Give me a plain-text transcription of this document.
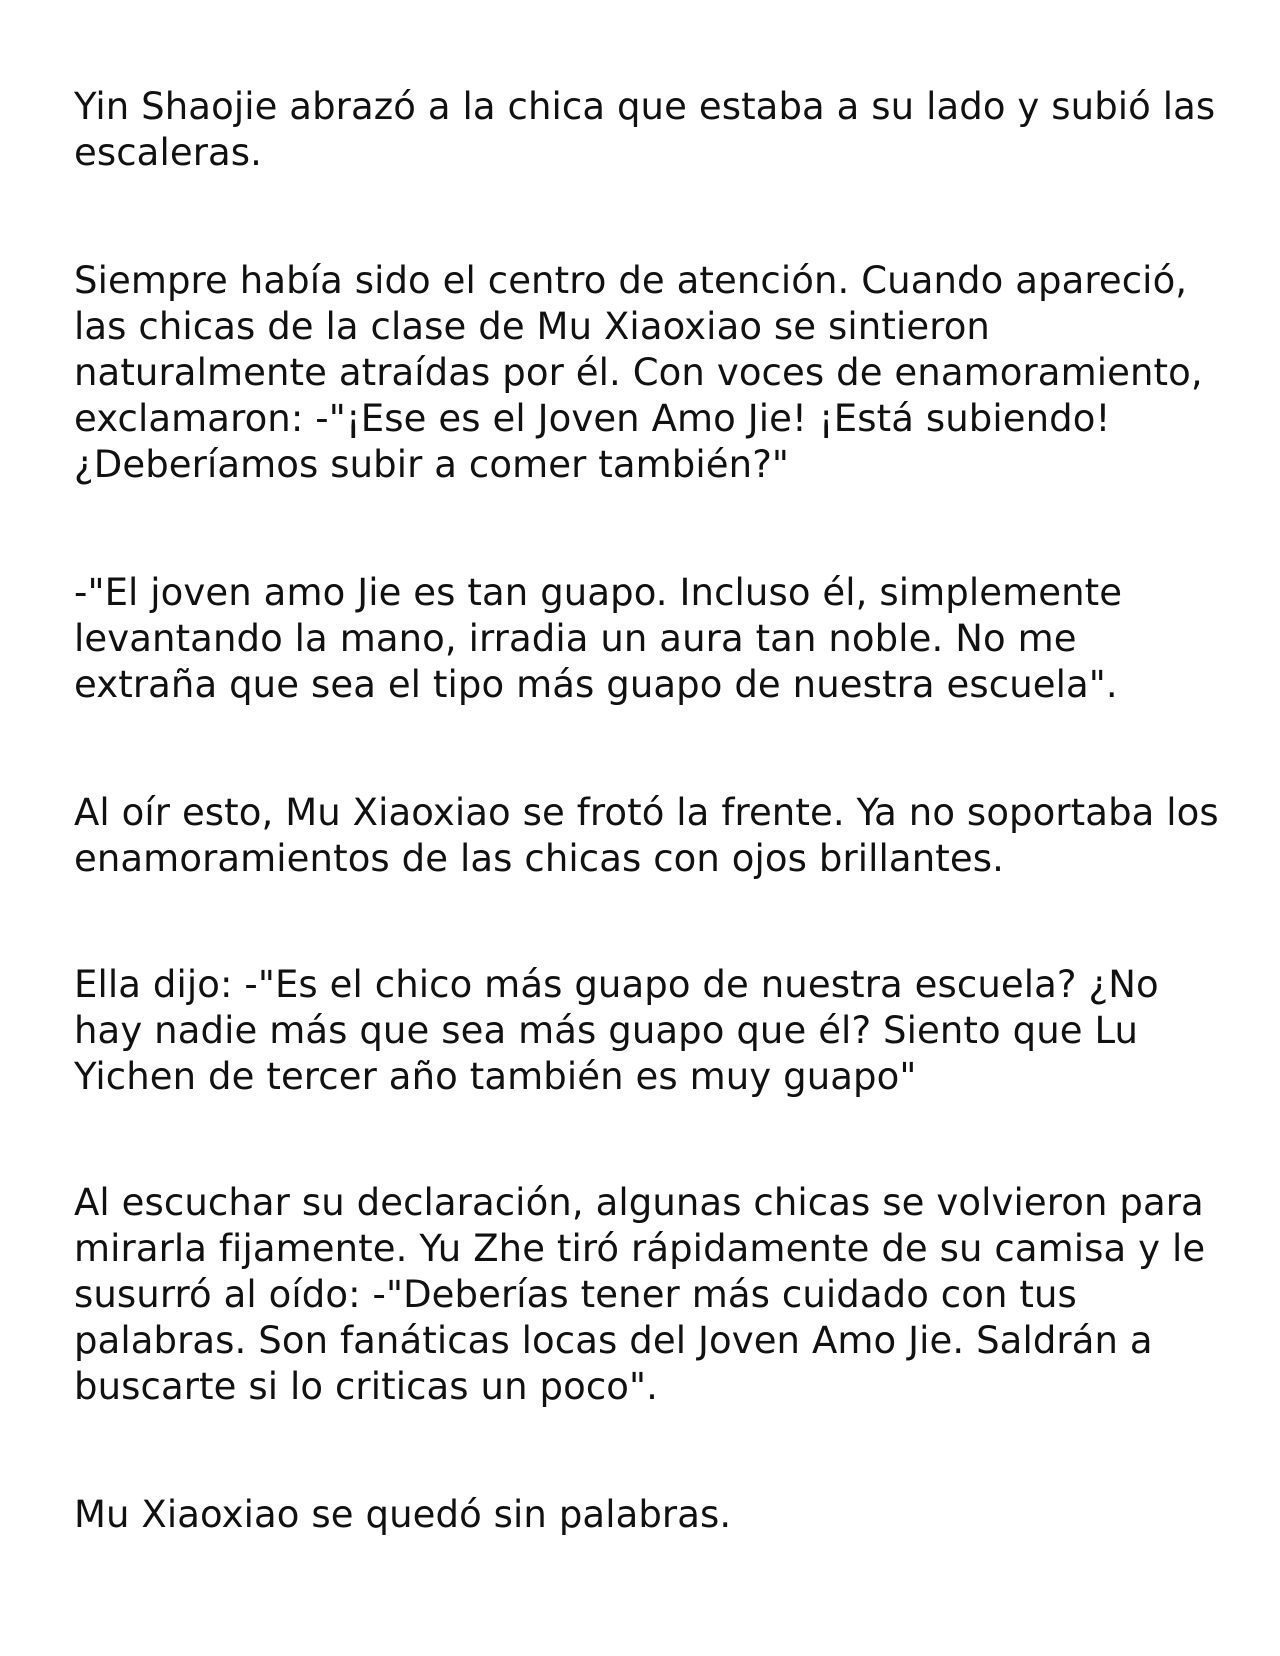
Yin Shaojie abrazó a la chica que estaba a su lado y subió las escaleras.

Siempre había sido el centro de atención. Cuando apareció, las chicas de la clase de Mu Xiaoxiao se sintieron naturalmente atraídas por él. Con voces de enamoramiento, exclamaron: -"¡Ese es el Joven Amo Jie! ¡Está subiendo! ¿Deberíamos subir a comer también?"

-"El joven amo Jie es tan guapo. Incluso él, simplemente levantando la mano, irradia un aura tan noble. No me extraña que sea el tipo más guapo de nuestra escuela".

Al oír esto, Mu Xiaoxiao se frotó la frente. Ya no soportaba los enamoramientos de las chicas con ojos brillantes.

Ella dijo: -"Es el chico más guapo de nuestra escuela? ¿No hay nadie más que sea más guapo que él? Siento que Lu Yichen de tercer año también es muy guapo"

Al escuchar su declaración, algunas chicas se volvieron para mirarla fijamente. Yu Zhe tiró rápidamente de su camisa y le susurró al oído: -"Deberías tener más cuidado con tus palabras. Son fanáticas locas del Joven Amo Jie. Saldrán a buscarte si lo criticas un poco".

Mu Xiaoxiao se quedó sin palabras.
